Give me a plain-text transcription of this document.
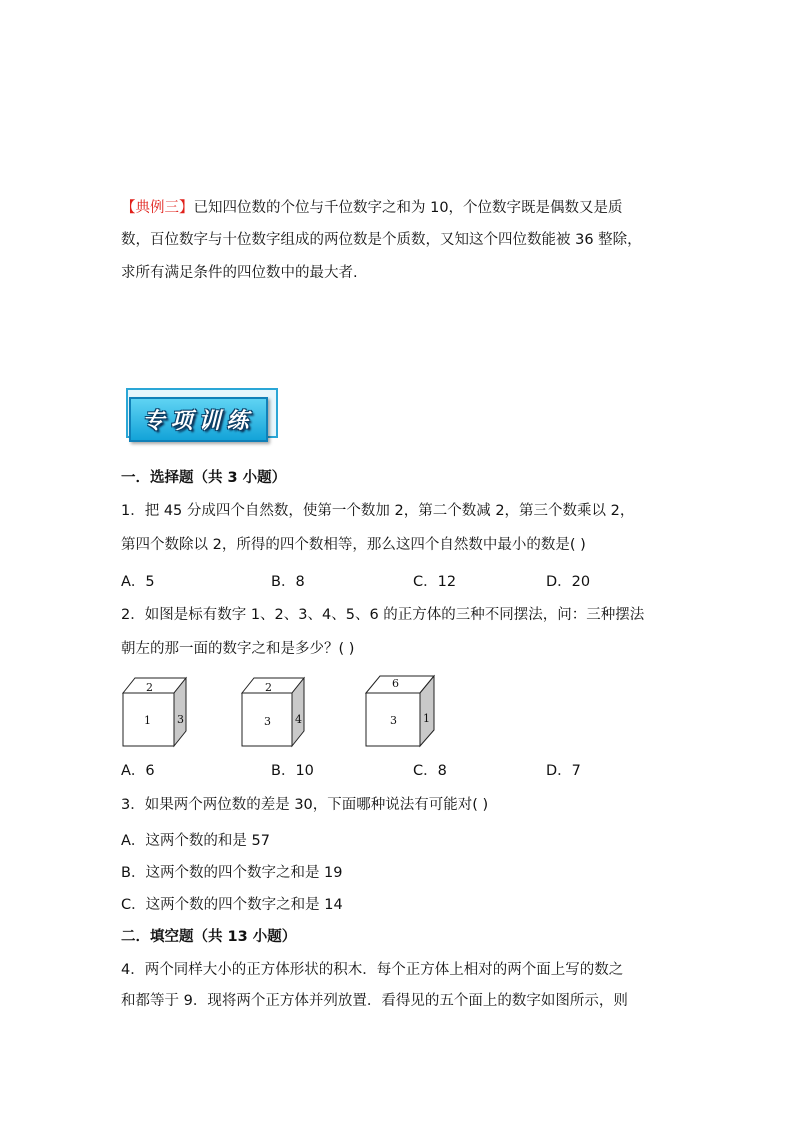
【典例三】已知四位数的个位与千位数字之和为 10，个位数字既是偶数又是质
数，百位数字与十位数字组成的两位数是个质数，又知这个四位数能被 36 整除，
求所有满足条件的四位数中的最大者.
专项训练
一．选择题（共 3 小题）
1．把 45 分成四个自然数，使第一个数加 2，第二个数减 2，第三个数乘以 2，
第四个数除以 2，所得的四个数相等，那么这四个自然数中最小的数是( )
A．5	B．8	C．12	D．20
2．如图是标有数字 1、2、3、4、5、6 的正方体的三种不同摆法，问：三种摆法
朝左的那一面的数字之和是多少？( )
2
1 3
2
3 4
6
3 1
A．6	B．10	C．8	D．7
3．如果两个两位数的差是 30，下面哪种说法有可能对( )
A．这两个数的和是 57
B．这两个数的四个数字之和是 19
C．这两个数的四个数字之和是 14
二．填空题（共 13 小题）
4．两个同样大小的正方体形状的积木．每个正方体上相对的两个面上写的数之
和都等于 9．现将两个正方体并列放置．看得见的五个面上的数字如图所示，则
